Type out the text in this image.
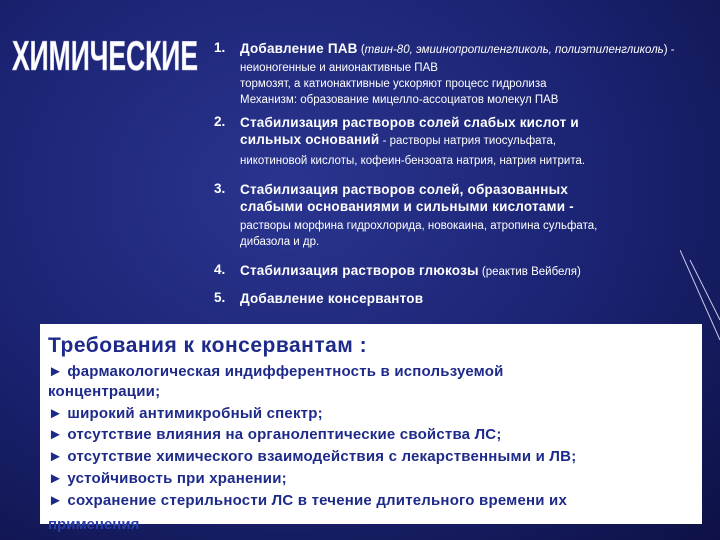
ХИМИЧЕСКИЕ 1. Добавление ПАВ (твин-80, эмиинопропиленгликоль, полиэтиленгликоль) - неионогенные и анионактивные ПАВ
тормозят, а катионактивные ускоряют процесс гидролиза
Механизм: образование мицелло-ассоциатов молекул ПАВ
2. Стабилизация растворов солей слабых кислот и
сильных оснований - растворы натрия тиосульфата,
никотиновой кислоты, кофеин-бензоата натрия, натрия нитрита.
3. Стабилизация растворов солей, образованных
слабыми основаниями и сильными кислотами -
растворы морфина гидрохлорида, новокаина, атропина сульфата,
дибазола и др.
4. Стабилизация растворов глюкозы (реактив Вейбеля)
5. Добавление консервантов
Требования к консервантам :
► фармакологическая индифферентность в используемой
концентрации;
► широкий антимикробный спектр;
► отсутствие влияния на органолептические свойства ЛС;
► отсутствие химического взаимодействия с лекарственными и ЛВ;
► устойчивость при хранении;
► сохранение стерильности ЛС в течение длительного времени их
применения
